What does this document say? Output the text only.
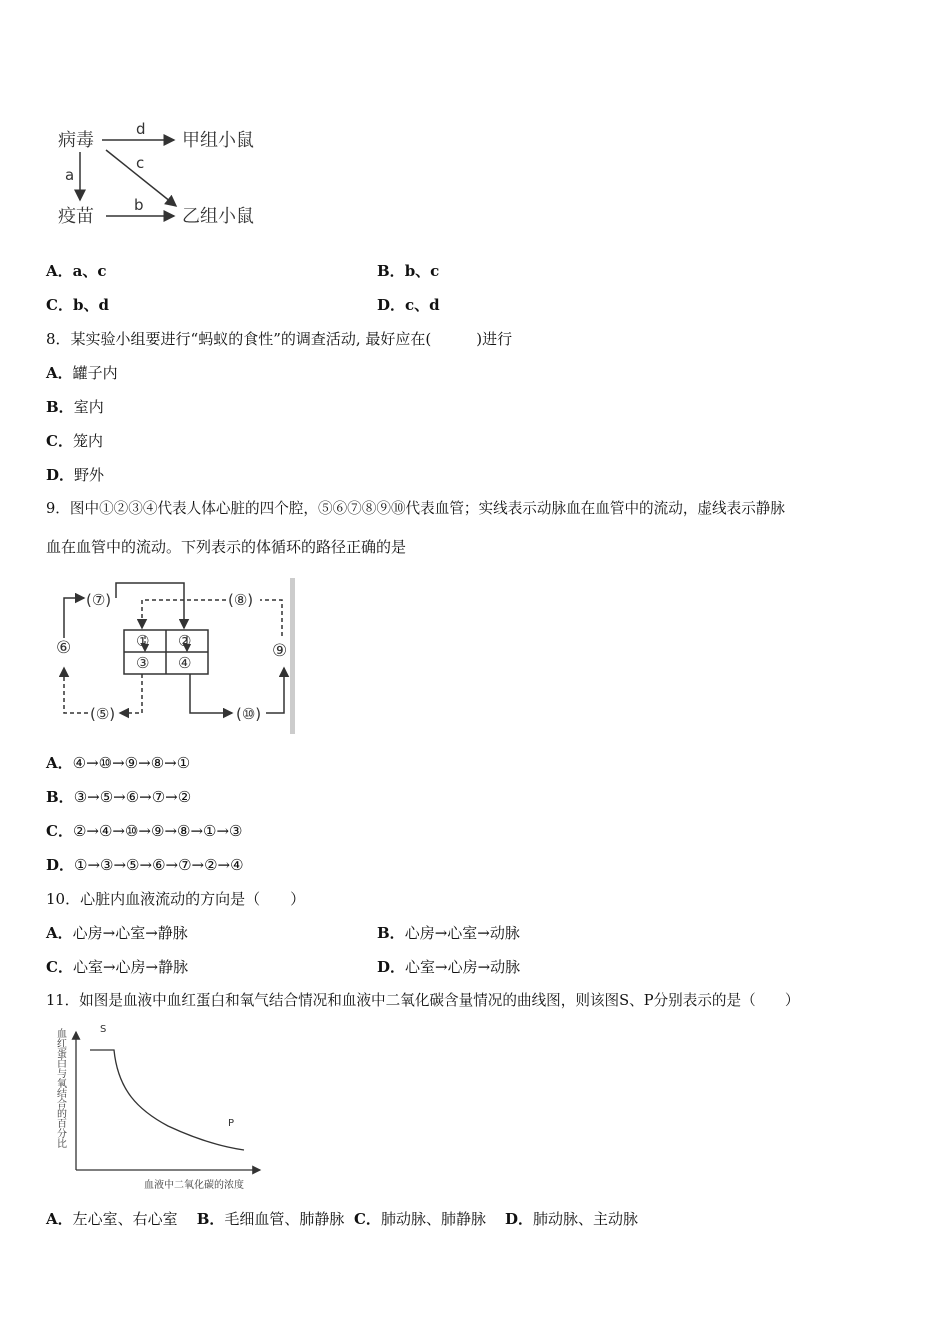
病毒
疫苗
甲组小鼠
乙组小鼠
d
a
c
b
A．a、c	B．b、c
C．b、d	D．c、d
8．某实验小组要进行“蚂蚁的食性”的调查活动, 最好应在(　　　)进行
A．罐子内
B．室内
C．笼内
D．野外
9．图中①②③④代表人体心脏的四个腔，⑤⑥⑦⑧⑨⑩代表血管；实线表示动脉血在血管中的流动，虚线表示静脉
血在血管中的流动。下列表示的体循环的路径正确的是
① ②
③ ④
(⑦)	(⑧)
⑥	⑨
(⑤)	(⑩)
A．④→⑩→⑨→⑧→①
B．③→⑤→⑥→⑦→②
C．②→④→⑩→⑨→⑧→①→③
D．①→③→⑤→⑥→⑦→②→④
10．心脏内血液流动的方向是（　　）
A．心房→心室→静脉	B．心房→心室→动脉
C．心室→心房→静脉	D．心室→心房→动脉
11．如图是血液中血红蛋白和氧气结合情况和血液中二氧化碳含量情况的曲线图，则该图S、P分别表示的是（　　）
血红蛋白与氧结合的百分比	S
P
血液中二氧化碳的浓度
A．左心室、右心室 B．毛细血管、肺静脉 C．肺动脉、肺静脉 D．肺动脉、主动脉
